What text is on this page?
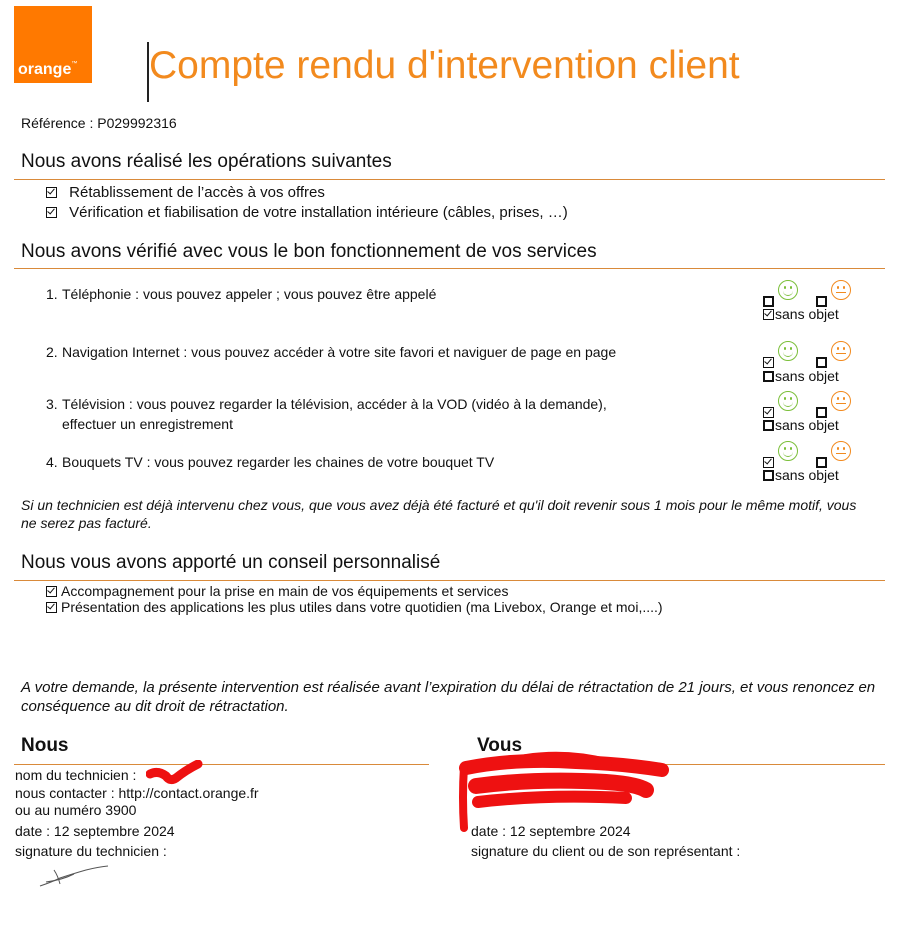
orange™ Compte rendu d'intervention client
Référence : P029992316
Nous avons réalisé les opérations suivantes
Rétablissement de l’accès à vos offres
Vérification et fiabilisation de votre installation intérieure (câbles, prises, …)
Nous avons vérifié avec vous le bon fonctionnement de vos services
1. Téléphonie : vous pouvez appeler ; vous pouvez être appelé
2. Navigation Internet : vous pouvez accéder à votre site favori et naviguer de page en page
3. Télévision : vous pouvez regarder la télévision, accéder à la VOD (vidéo à la demande),
effectuer un enregistrement
4. Bouquets TV : vous pouvez regarder les chaines de votre bouquet TV

sans objet

sans objet

sans objet

sans objet
Si un technicien est déjà intervenu chez vous, que vous avez déjà été facturé et qu'il doit revenir sous 1 mois pour le même motif, vous ne serez pas facturé.
Nous vous avons apporté un conseil personnalisé
Accompagnement pour la prise en main de vos équipements et services
Présentation des applications les plus utiles dans votre quotidien (ma Livebox, Orange et moi,....)
A votre demande, la présente intervention est réalisée avant l’expiration du délai de rétractation de 21 jours, et vous renoncez en conséquence au dit droit de rétractation.
Nous
nom du technicien :
nous contacter : http://contact.orange.fr
ou au numéro 3900
date : 12 septembre 2024
signature du technicien :
Vous
date : 12 septembre 2024
signature du client ou de son représentant :
